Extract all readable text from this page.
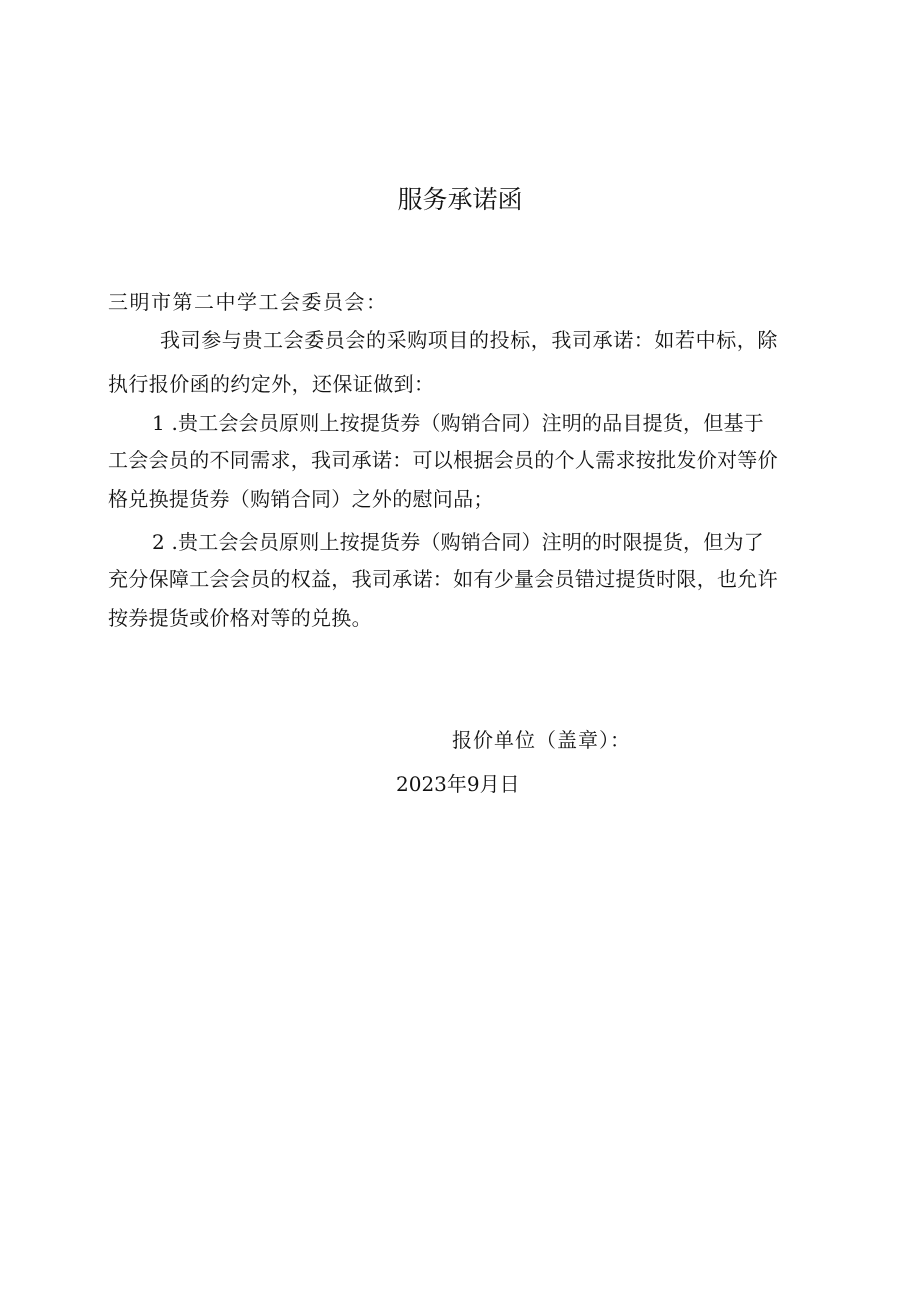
服务承诺函
三明市第二中学工会委员会：
我司参与贵工会委员会的采购项目的投标，我司承诺：如若中标，除
执行报价函的约定外，还保证做到：
1 .贵工会会员原则上按提货券（购销合同）注明的品目提货，但基于
工会会员的不同需求，我司承诺：可以根据会员的个人需求按批发价对等价
格兑换提货券（购销合同）之外的慰问品；
2 .贵工会会员原则上按提货券（购销合同）注明的时限提货，但为了
充分保障工会会员的权益，我司承诺：如有少量会员错过提货时限，也允许
按券提货或价格对等的兑换。
报价单位（盖章）：
2023年9月日
